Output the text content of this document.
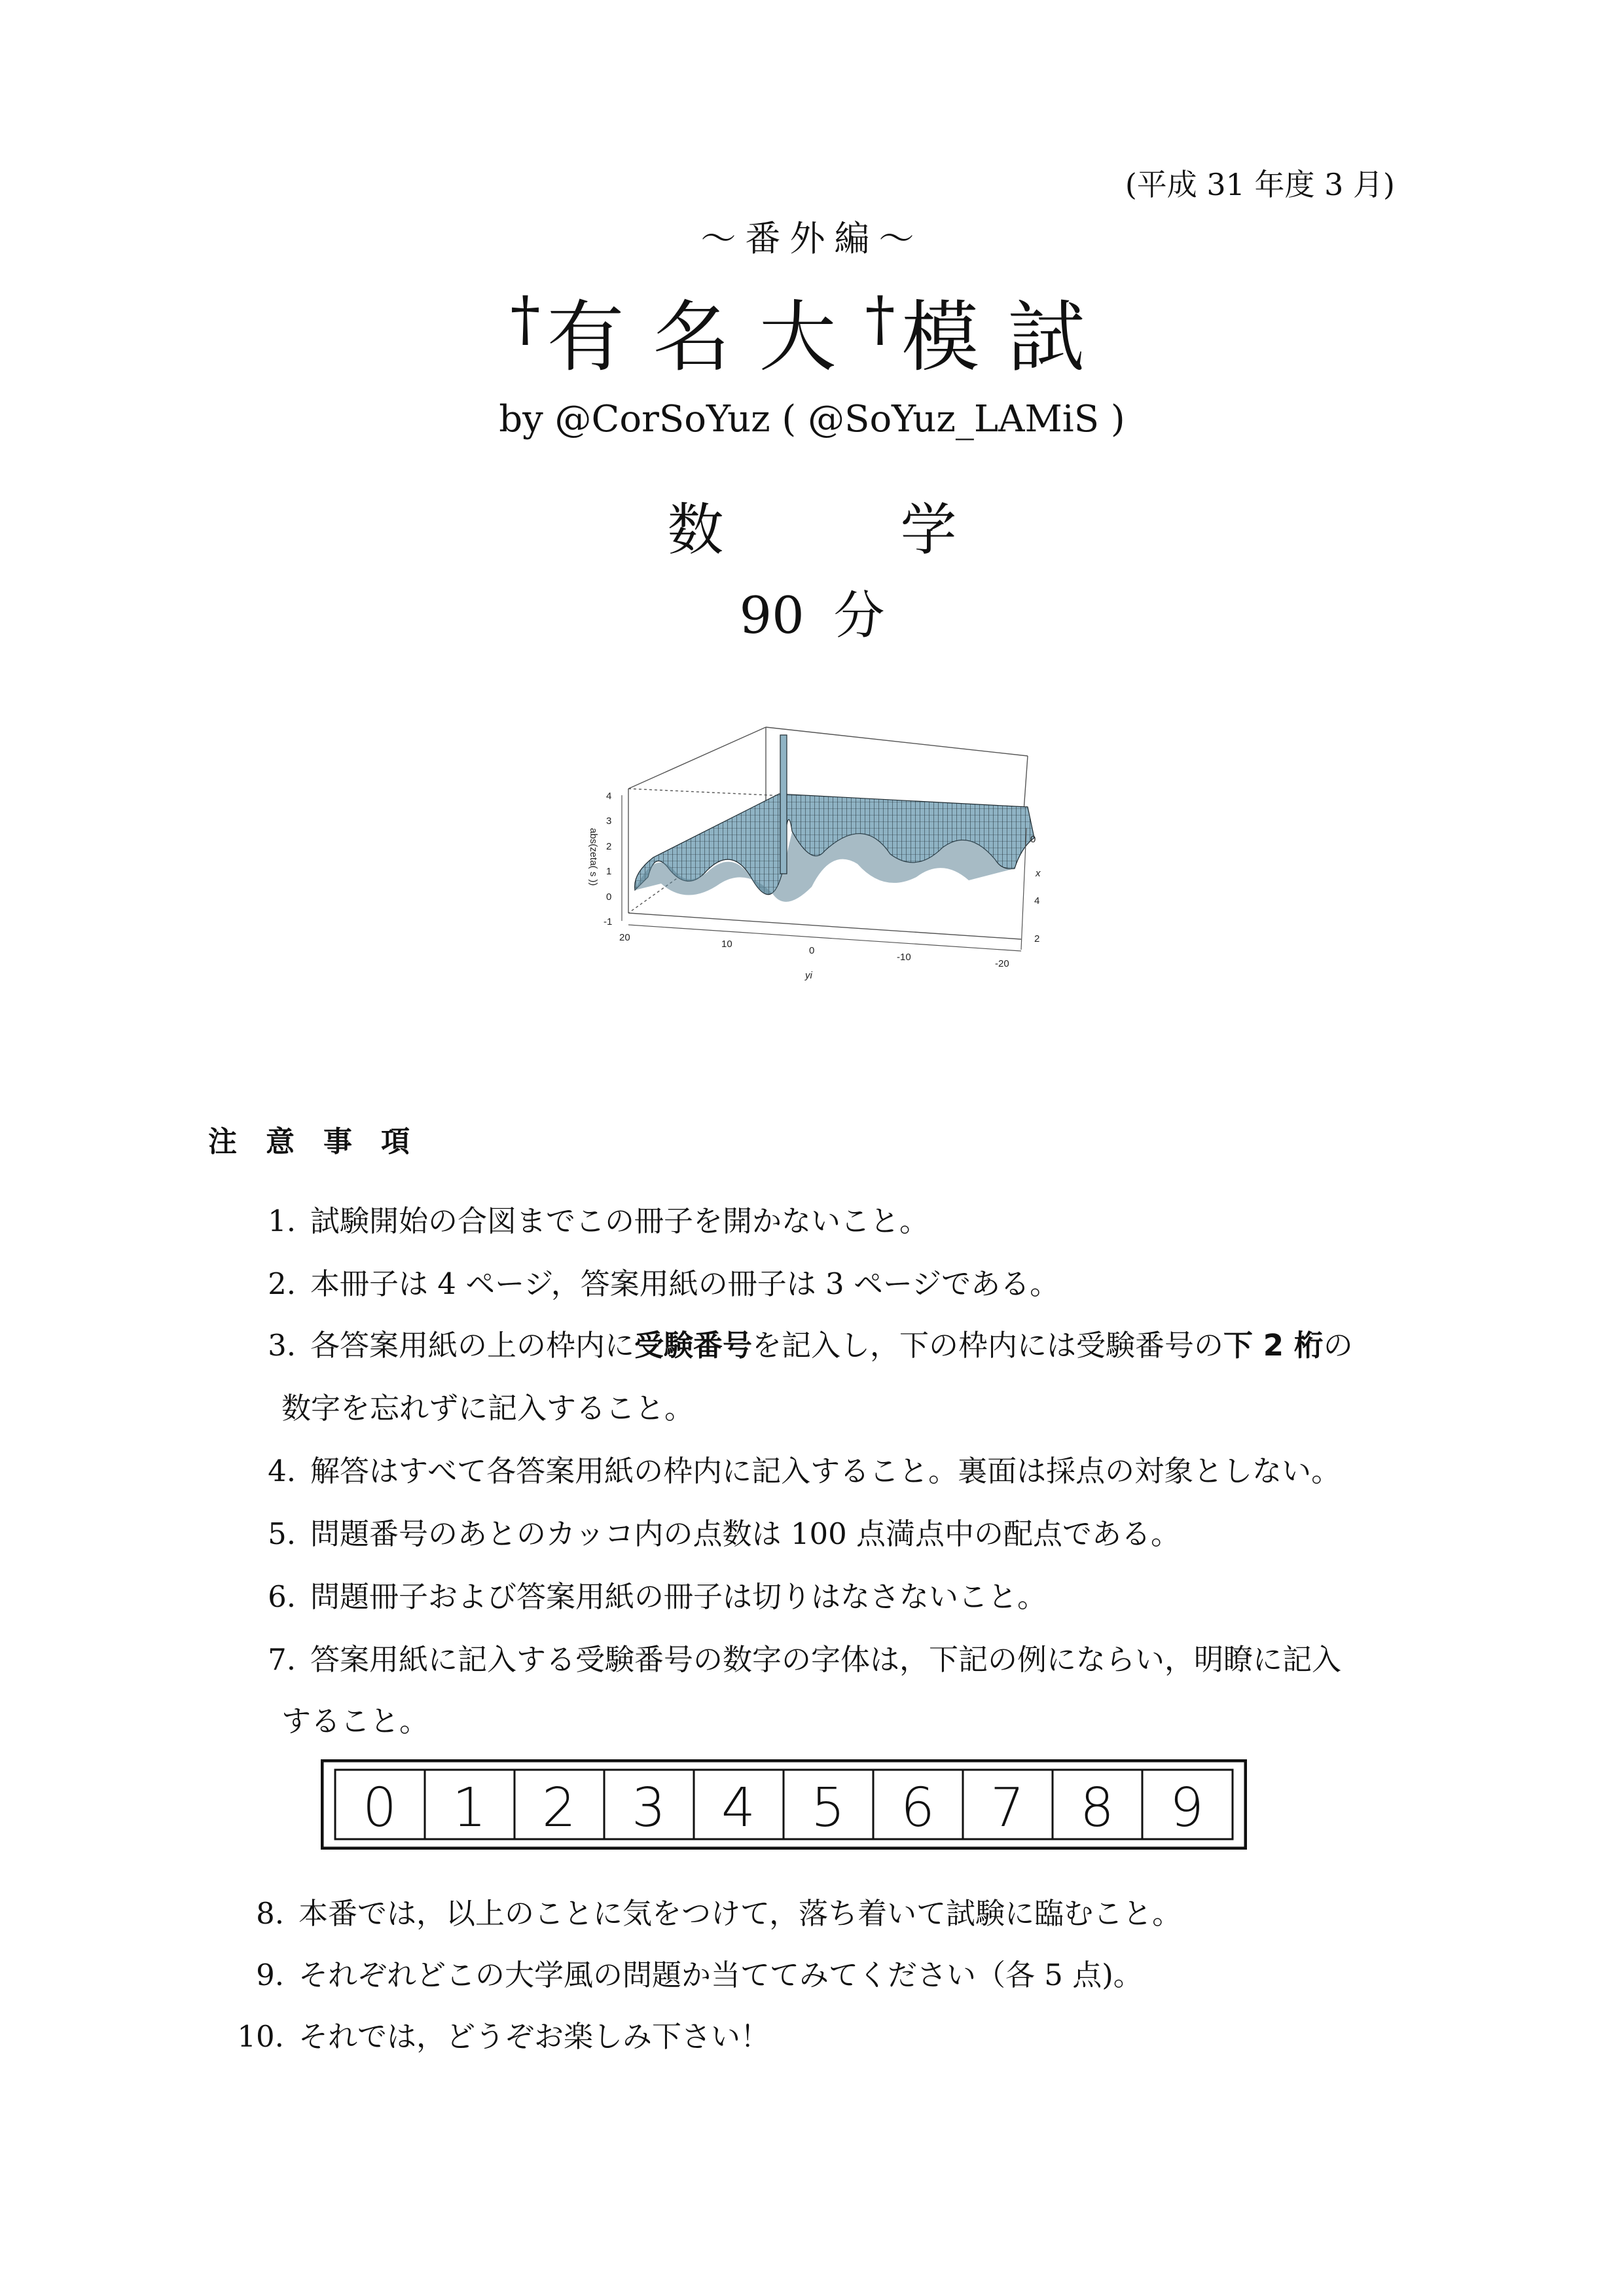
(平成 31 年度 3 月)
～番外編～
†有名大†模試
by @CorSoYuz ( @SoYuz_LAMiS )
数学
90 分
4
3
2
1
0
-1
abs(zeta( s ))
20
10
0
-10
-20
yi
0
4
2
x
注意事項
1. 試験開始の合図までこの冊子を開かないこと。
2. 本冊子は 4 ページ，答案用紙の冊子は 3 ページである。
3. 各答案用紙の上の枠内に受験番号を記入し，下の枠内には受験番号の下 2 桁の
数字を忘れずに記入すること。
4. 解答はすべて各答案用紙の枠内に記入すること。裏面は採点の対象としない。
5. 問題番号のあとのカッコ内の点数は 100 点満点中の配点である。
6. 問題冊子および答案用紙の冊子は切りはなさないこと。
7. 答案用紙に記入する受験番号の数字の字体は，下記の例にならい，明瞭に記入
すること。
0 1 2 3 4 5 6 7 8 9
8. 本番では，以上のことに気をつけて，落ち着いて試験に臨むこと。
9. それぞれどこの大学風の問題か当ててみてください（各 5 点)。
10. それでは，どうぞお楽しみ下さい！
